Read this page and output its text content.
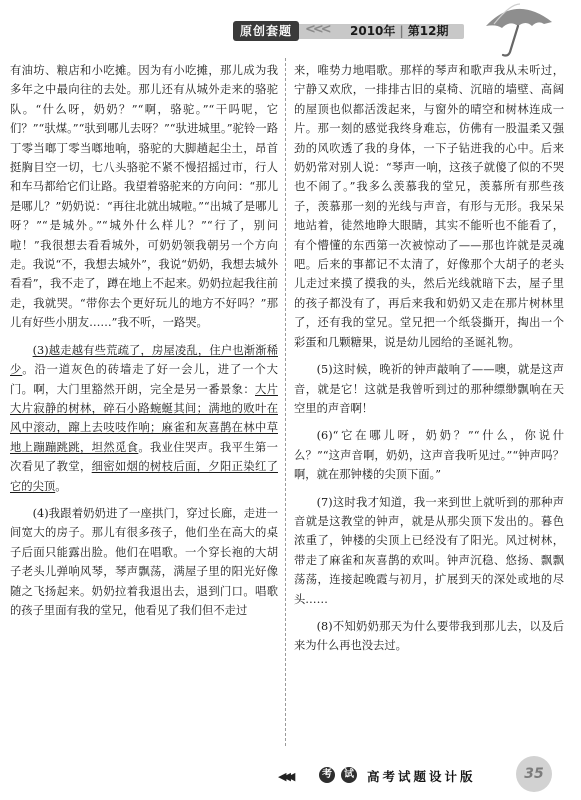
原创套题	<<< 2010年 | 第12期

有油坊、粮店和小吃摊。因为有小吃摊，那儿成为我多年之中最向往的去处。那儿还有从城外走来的骆驼队。“什么呀，奶奶？”“啊，骆驼。”“干吗呢，它们？”“驮煤。”“驮到哪儿去呀？”“驮进城里。”驼铃一路丁零当啷丁零当啷地响，骆驼的大脚趟起尘土，昂首挺胸目空一切，七八头骆驼不紧不慢招摇过市，行人和车马都给它们让路。我望着骆驼来的方向问：“那儿是哪儿？”奶奶说：“再往北就出城啦。”“出城了是哪儿呀？”“是城外。”“城外什么样儿？”“行了，别问啦！”我很想去看看城外，可奶奶领我朝另一个方向走。我说“不，我想去城外”，我说“奶奶，我想去城外看看”，我不走了，蹲在地上不起来。奶奶拉起我往前走，我就哭。“带你去个更好玩儿的地方不好吗？”那儿有好些小朋友……”我不听，一路哭。

(3)越走越有些荒疏了，房屋凌乱，住户也渐渐稀少。沿一道灰色的砖墙走了好一会儿，进了一个大门。啊，大门里豁然开朗，完全是另一番景象：大片大片寂静的树林，碎石小路蜿蜒其间；满地的败叶在风中滚动，蹿上去吱吱作响；麻雀和灰喜鹊在林中草地上蹦蹦跳跳，坦然觅食。我业住哭声。我平生第一次看见了教堂，细密如烟的树枝后面，夕阳正染红了它的尖顶。

(4)我跟着奶奶进了一座拱门，穿过长廊，走进一间宽大的房子。那儿有很多孩子，他们坐在高大的桌子后面只能露出脸。他们在唱歌。一个穿长袍的大胡子老头儿弹响风琴，琴声飘荡，满屋子里的阳光好像随之飞扬起来。奶奶拉着我退出去，退到门口。唱歌的孩子里面有我的堂兄，他看见了我们但不走过

来，唯势力地唱歌。那样的琴声和歌声我从未听过，宁静又欢欣，一排排古旧的桌椅、沉暗的墙壁、高阔的屋顶也似都活泼起来，与窗外的晴空和树林连成一片。那一刻的感觉我终身难忘，仿佛有一股温柔又强劲的风吹透了我的身体，一下子钻进我的心中。后来奶奶常对别人说：“琴声一响，这孩子就傻了似的不哭也不闹了。”我多么羡慕我的堂兄，羡慕所有那些孩子，羡慕那一刻的光线与声音，有形与无形。我呆呆地站着，徒然地睁大眼睛，其实不能听也不能看了，有个懵懂的东西第一次被惊动了——那也许就是灵魂吧。后来的事都记不太清了，好像那个大胡子的老头儿走过来摸了摸我的头，然后光线就暗下去，屋子里的孩子都没有了，再后来我和奶奶又走在那片树林里了，还有我的堂兄。堂兄把一个纸袋撕开，掏出一个彩蛋和几颗糖果，说是幼儿园给的圣诞礼物。

(5)这时候，晚祈的钟声敲响了——噢，就是这声音，就是它！这就是我曾听到过的那种缥缈飘响在天空里的声音啊！

(6)“它在哪儿呀，奶奶？”“什么，你说什么？”“这声音啊，奶奶，这声音我听见过。”“钟声吗？啊，就在那钟楼的尖顶下面。”

(7)这时我才知道，我一来到世上就听到的那种声音就是这教堂的钟声，就是从那尖顶下发出的。暮色浓重了，钟楼的尖顶上已经没有了阳光。风过树林，带走了麻雀和灰喜鹊的欢叫。钟声沉稳、悠扬、飘飘荡荡，连接起晚霞与初月，扩展到天的深处或地的尽头……

(8)不知奶奶那天为什么要带我到那儿去，以及后来为什么再也没去过。

◀◀◀	考	试 高考试题设计版	35
